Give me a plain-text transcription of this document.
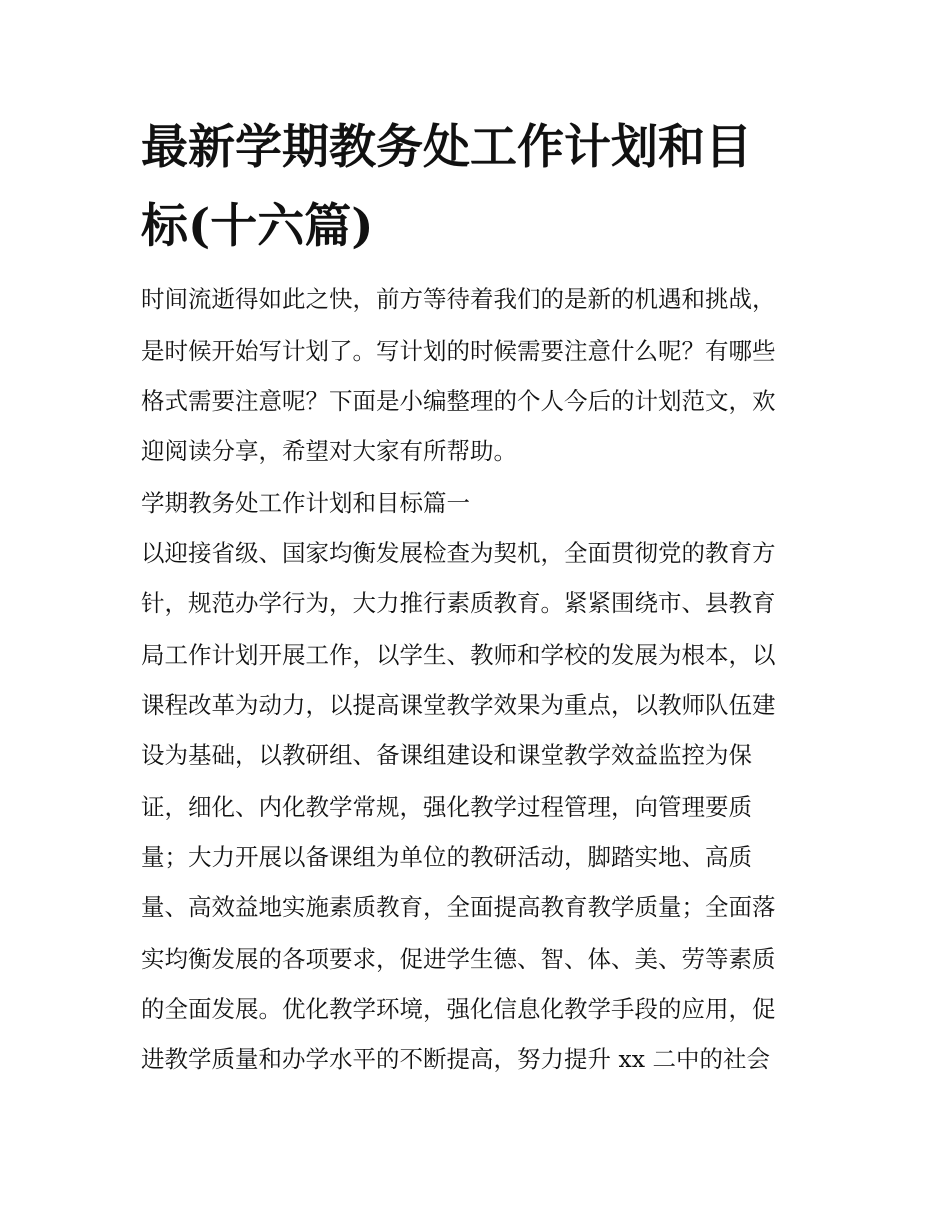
最新学期教务处工作计划和目
标(十六篇)

时间流逝得如此之快，前方等待着我们的是新的机遇和挑战，

是时候开始写计划了。写计划的时候需要注意什么呢？有哪些

格式需要注意呢？下面是小编整理的个人今后的计划范文，欢

迎阅读分享，希望对大家有所帮助。

学期教务处工作计划和目标篇一

以迎接省级、国家均衡发展检查为契机，全面贯彻党的教育方

针，规范办学行为，大力推行素质教育。紧紧围绕市、县教育

局工作计划开展工作，以学生、教师和学校的发展为根本，以

课程改革为动力，以提高课堂教学效果为重点，以教师队伍建

设为基础，以教研组、备课组建设和课堂教学效益监控为保

证，细化、内化教学常规，强化教学过程管理，向管理要质

量；大力开展以备课组为单位的教研活动，脚踏实地、高质

量、高效益地实施素质教育，全面提高教育教学质量；全面落

实均衡发展的各项要求，促进学生德、智、体、美、劳等素质

的全面发展。优化教学环境，强化信息化教学手段的应用，促

进教学质量和办学水平的不断提高，努力提升 xx 二中的社会
